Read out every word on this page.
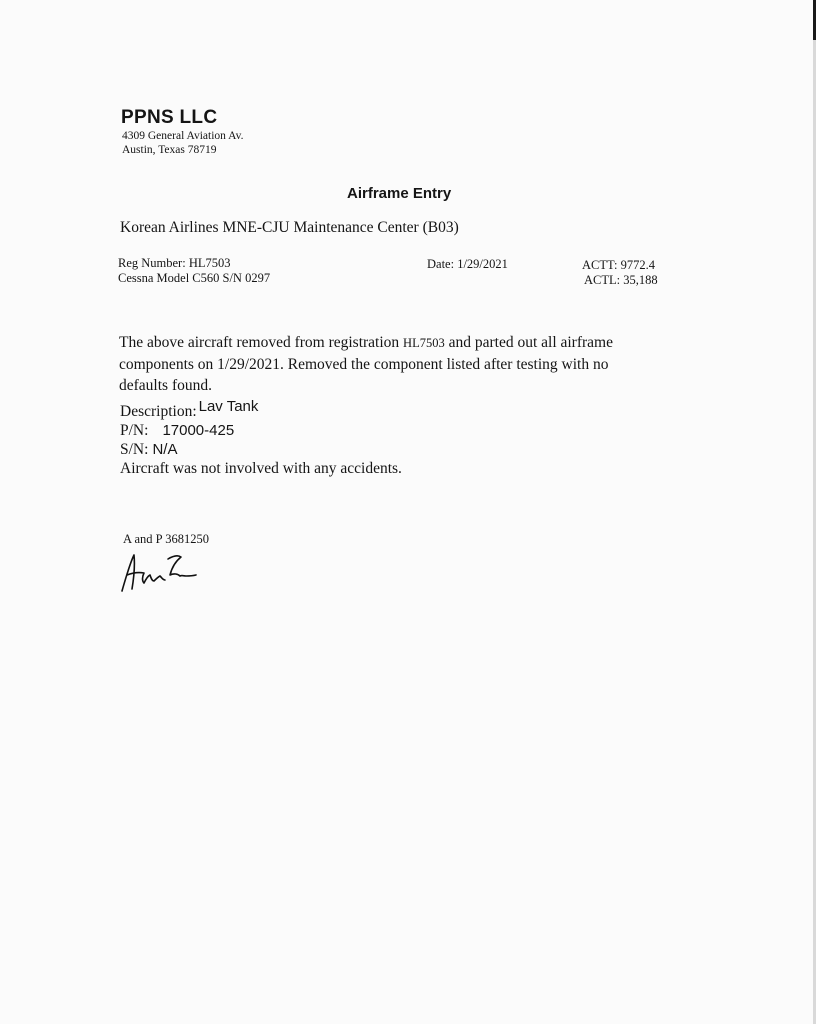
PPNS LLC
4309 General Aviation Av.
Austin, Texas 78719
Airframe Entry
Korean Airlines MNE-CJU Maintenance Center (B03)
Reg Number: HL7503
Cessna Model C560 S/N 0297
Date: 1/29/2021	ACTT: 9772.4
ACTL: 35,188
The above aircraft removed from registration HL7503 and parted out all airframe
components on 1/29/2021. Removed the component listed after testing with no
defaults found.
Description: Lav Tank
P/N: 17000-425
S/N: N/A
Aircraft was not involved with any accidents.
A and P 3681250
